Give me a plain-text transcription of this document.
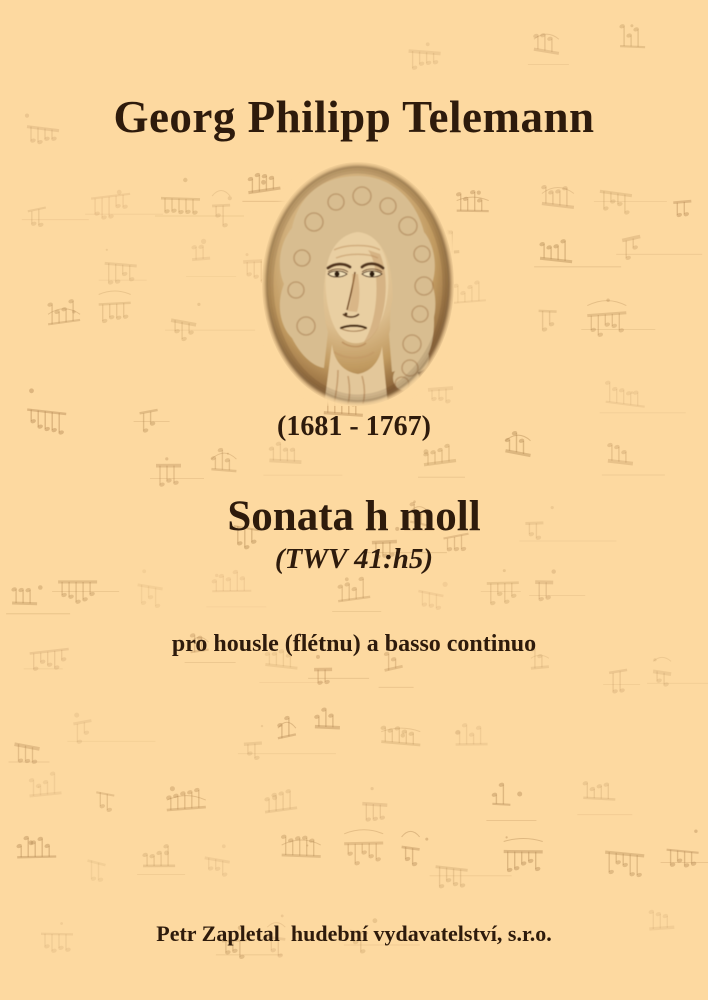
Georg Philipp Telemann
(1681 - 1767)
Sonata h moll
(TWV 41:h5)
pro housle (flétnu) a basso continuo
Petr Zapletal  hudební vydavatelství, s.r.o.
